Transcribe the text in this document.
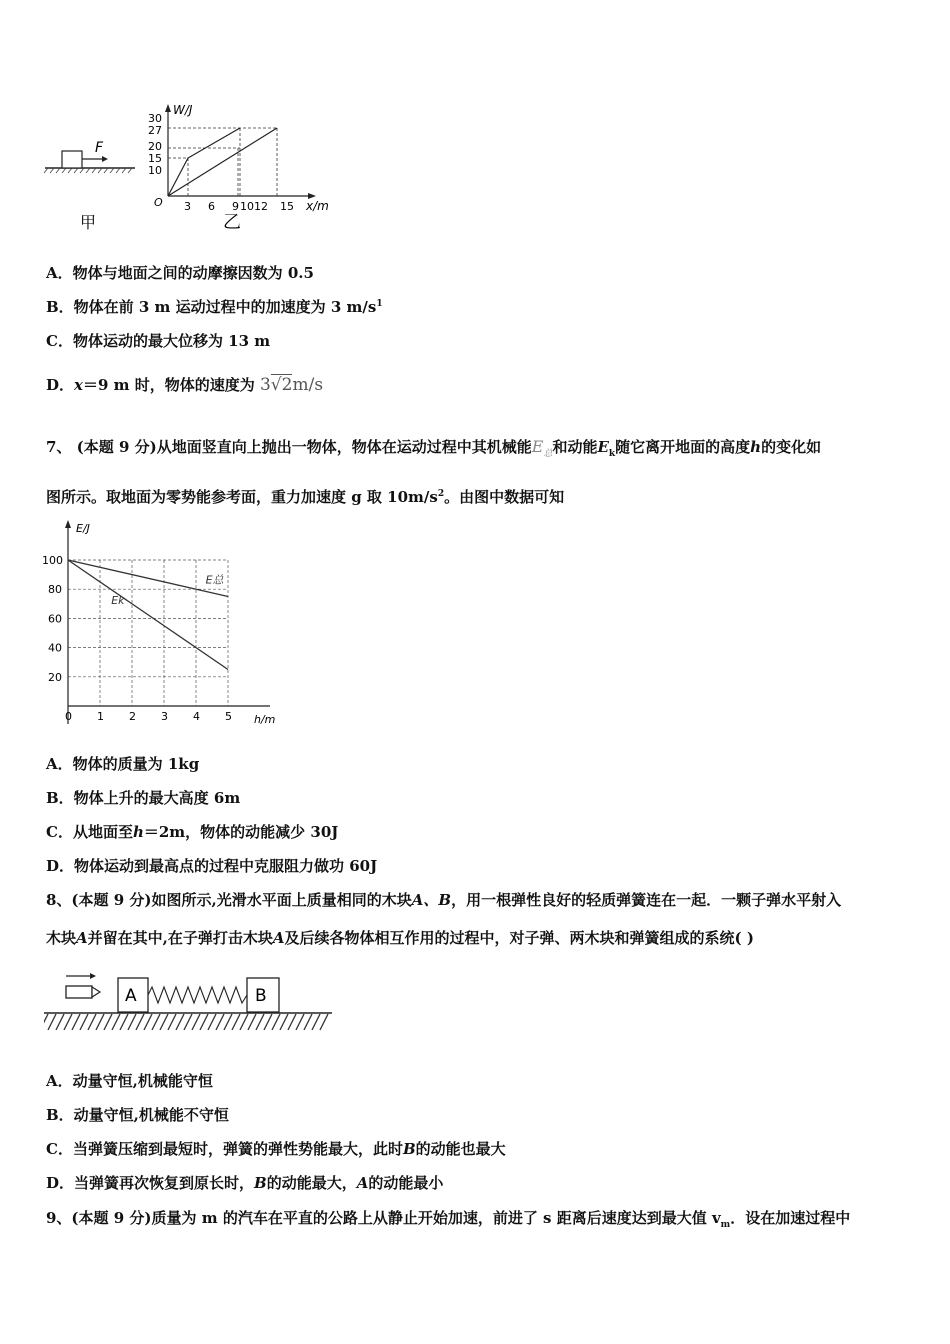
F
甲
W/J
x/m
O
30
27
20
15
10
3 6 9 10 12 15
乙
A．物体与地面之间的动摩擦因数为 0.5
B．物体在前 3 m 运动过程中的加速度为 3 $m/s^1$
C．物体运动的最大位移为 13 m
D．x＝9 m 时，物体的速度为 3√2m/s
7、 (本题 9 分)从地面竖直向上抛出一物体，物体在运动过程中其机械能$E_总$和动能$E_k$随它离开地面的高度h的变化如
图所示。取地面为零势能参考面，重力加速度 g 取 $10m/s^2$。由图中数据可知
E/J
h/m
0 1 2 3 4 5
100
80
60
40
20
E总
Ek
A．物体的质量为 1kg
B．物体上升的最大高度 6m
C．从地面至h＝2m，物体的动能减少 30J
D．物体运动到最高点的过程中克服阻力做功 60J
8、(本题 9 分)如图所示,光滑水平面上质量相同的木块A、B，用一根弹性良好的轻质弹簧连在一起．一颗子弹水平射入
木块A并留在其中,在子弹打击木块A及后续各物体相互作用的过程中，对子弹、两木块和弹簧组成的系统( )
A	B
A．动量守恒,机械能守恒
B．动量守恒,机械能不守恒
C．当弹簧压缩到最短时，弹簧的弹性势能最大，此时B的动能也最大
D．当弹簧再次恢复到原长时，B的动能最大，A的动能最小
9、(本题 9 分)质量为 m 的汽车在平直的公路上从静止开始加速，前进了 s 距离后速度达到最大值 $v_m$．设在加速过程中
